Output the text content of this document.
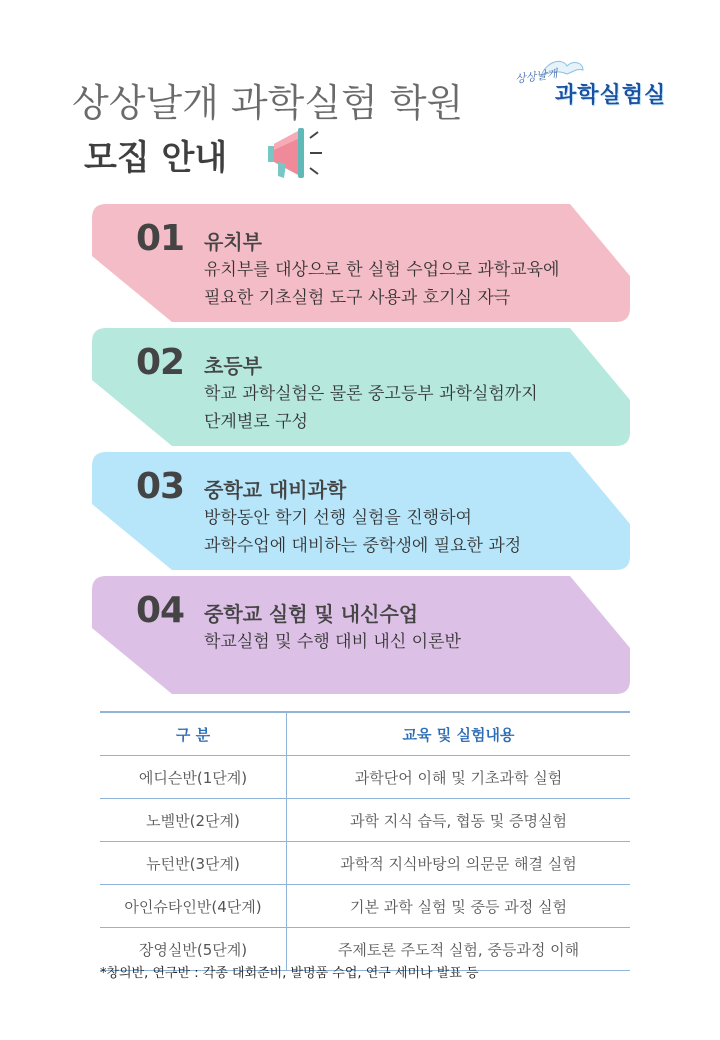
상상날개 과학실험 학원
모집 안내
상상날개
과학실험실
01 유치부
유치부를 대상으로 한 실험 수업으로 과학교육에
필요한 기초실험 도구 사용과 호기심 자극
02 초등부
학교 과학실험은 물론 중고등부 과학실험까지
단계별로 구성
03 중학교 대비과학
방학동안 학기 선행 실험을 진행하여
과학수업에 대비하는 중학생에 필요한 과정
04 중학교 실험 및 내신수업
학교실험 및 수행 대비 내신 이론반
구 분	교육 및 실험내용
에디슨반(1단계)	과학단어 이해 및 기초과학 실험
노벨반(2단계)	과학 지식 습득, 협동 및 증명실험
뉴턴반(3단계)	과학적 지식바탕의 의문문 해결 실험
아인슈타인반(4단계)	기본 과학 실험 및 중등 과정 실험
장영실반(5단계)	주제토론 주도적 실험, 중등과정 이해
*창의반, 연구반 : 각종 대회준비, 발명품 수업, 연구 세미나 발표 등
